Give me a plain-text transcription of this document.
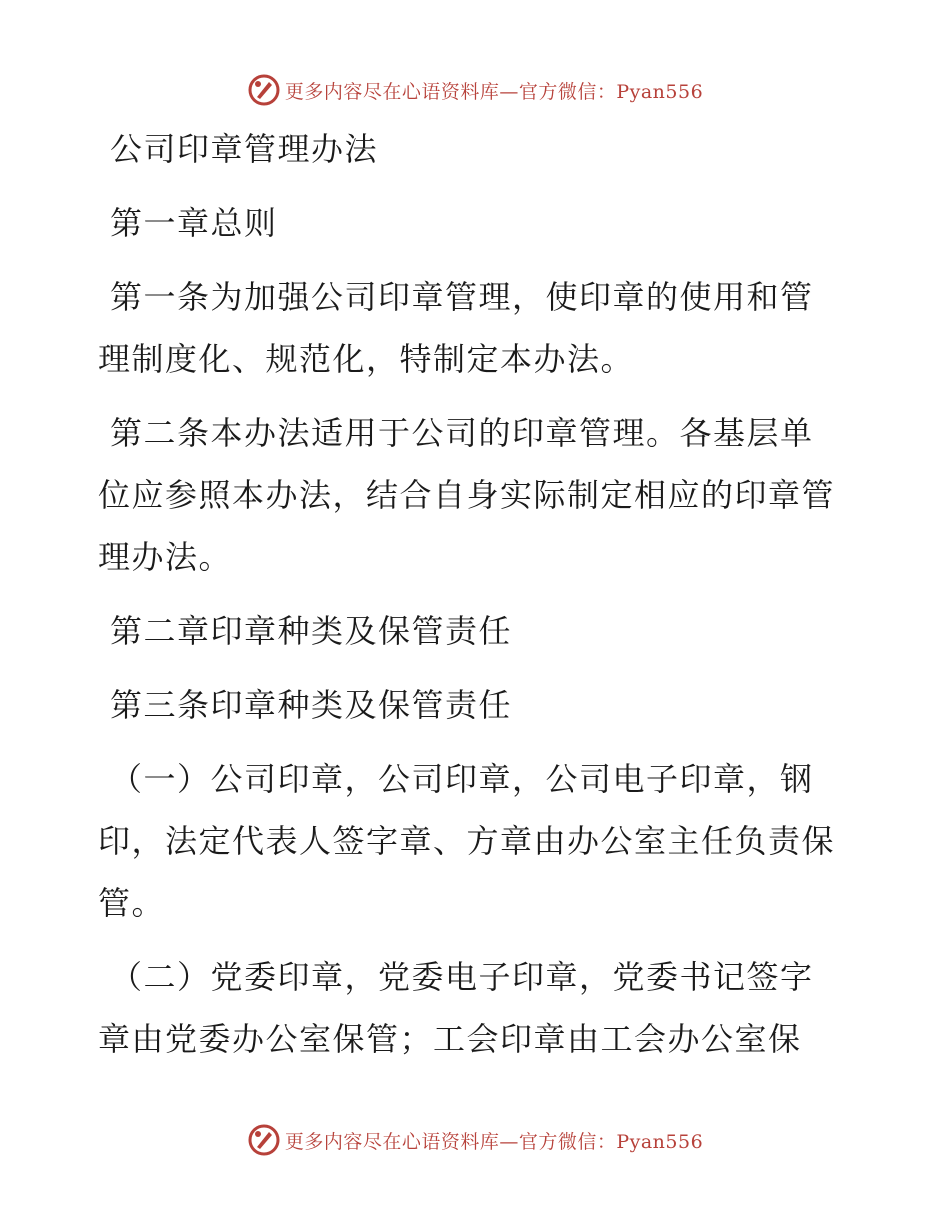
更多内容尽在心语资料库—官方微信：Pyan556
公司印章管理办法
第一章总则
第一条为加强公司印章管理，使印章的使用和管
理制度化、规范化，特制定本办法。
第二条本办法适用于公司的印章管理。各基层单
位应参照本办法，结合自身实际制定相应的印章管
理办法。
第二章印章种类及保管责任
第三条印章种类及保管责任
（一）公司印章，公司印章，公司电子印章，钢
印，法定代表人签字章、方章由办公室主任负责保
管。
（二）党委印章，党委电子印章，党委书记签字
章由党委办公室保管；工会印章由工会办公室保
更多内容尽在心语资料库—官方微信：Pyan556
